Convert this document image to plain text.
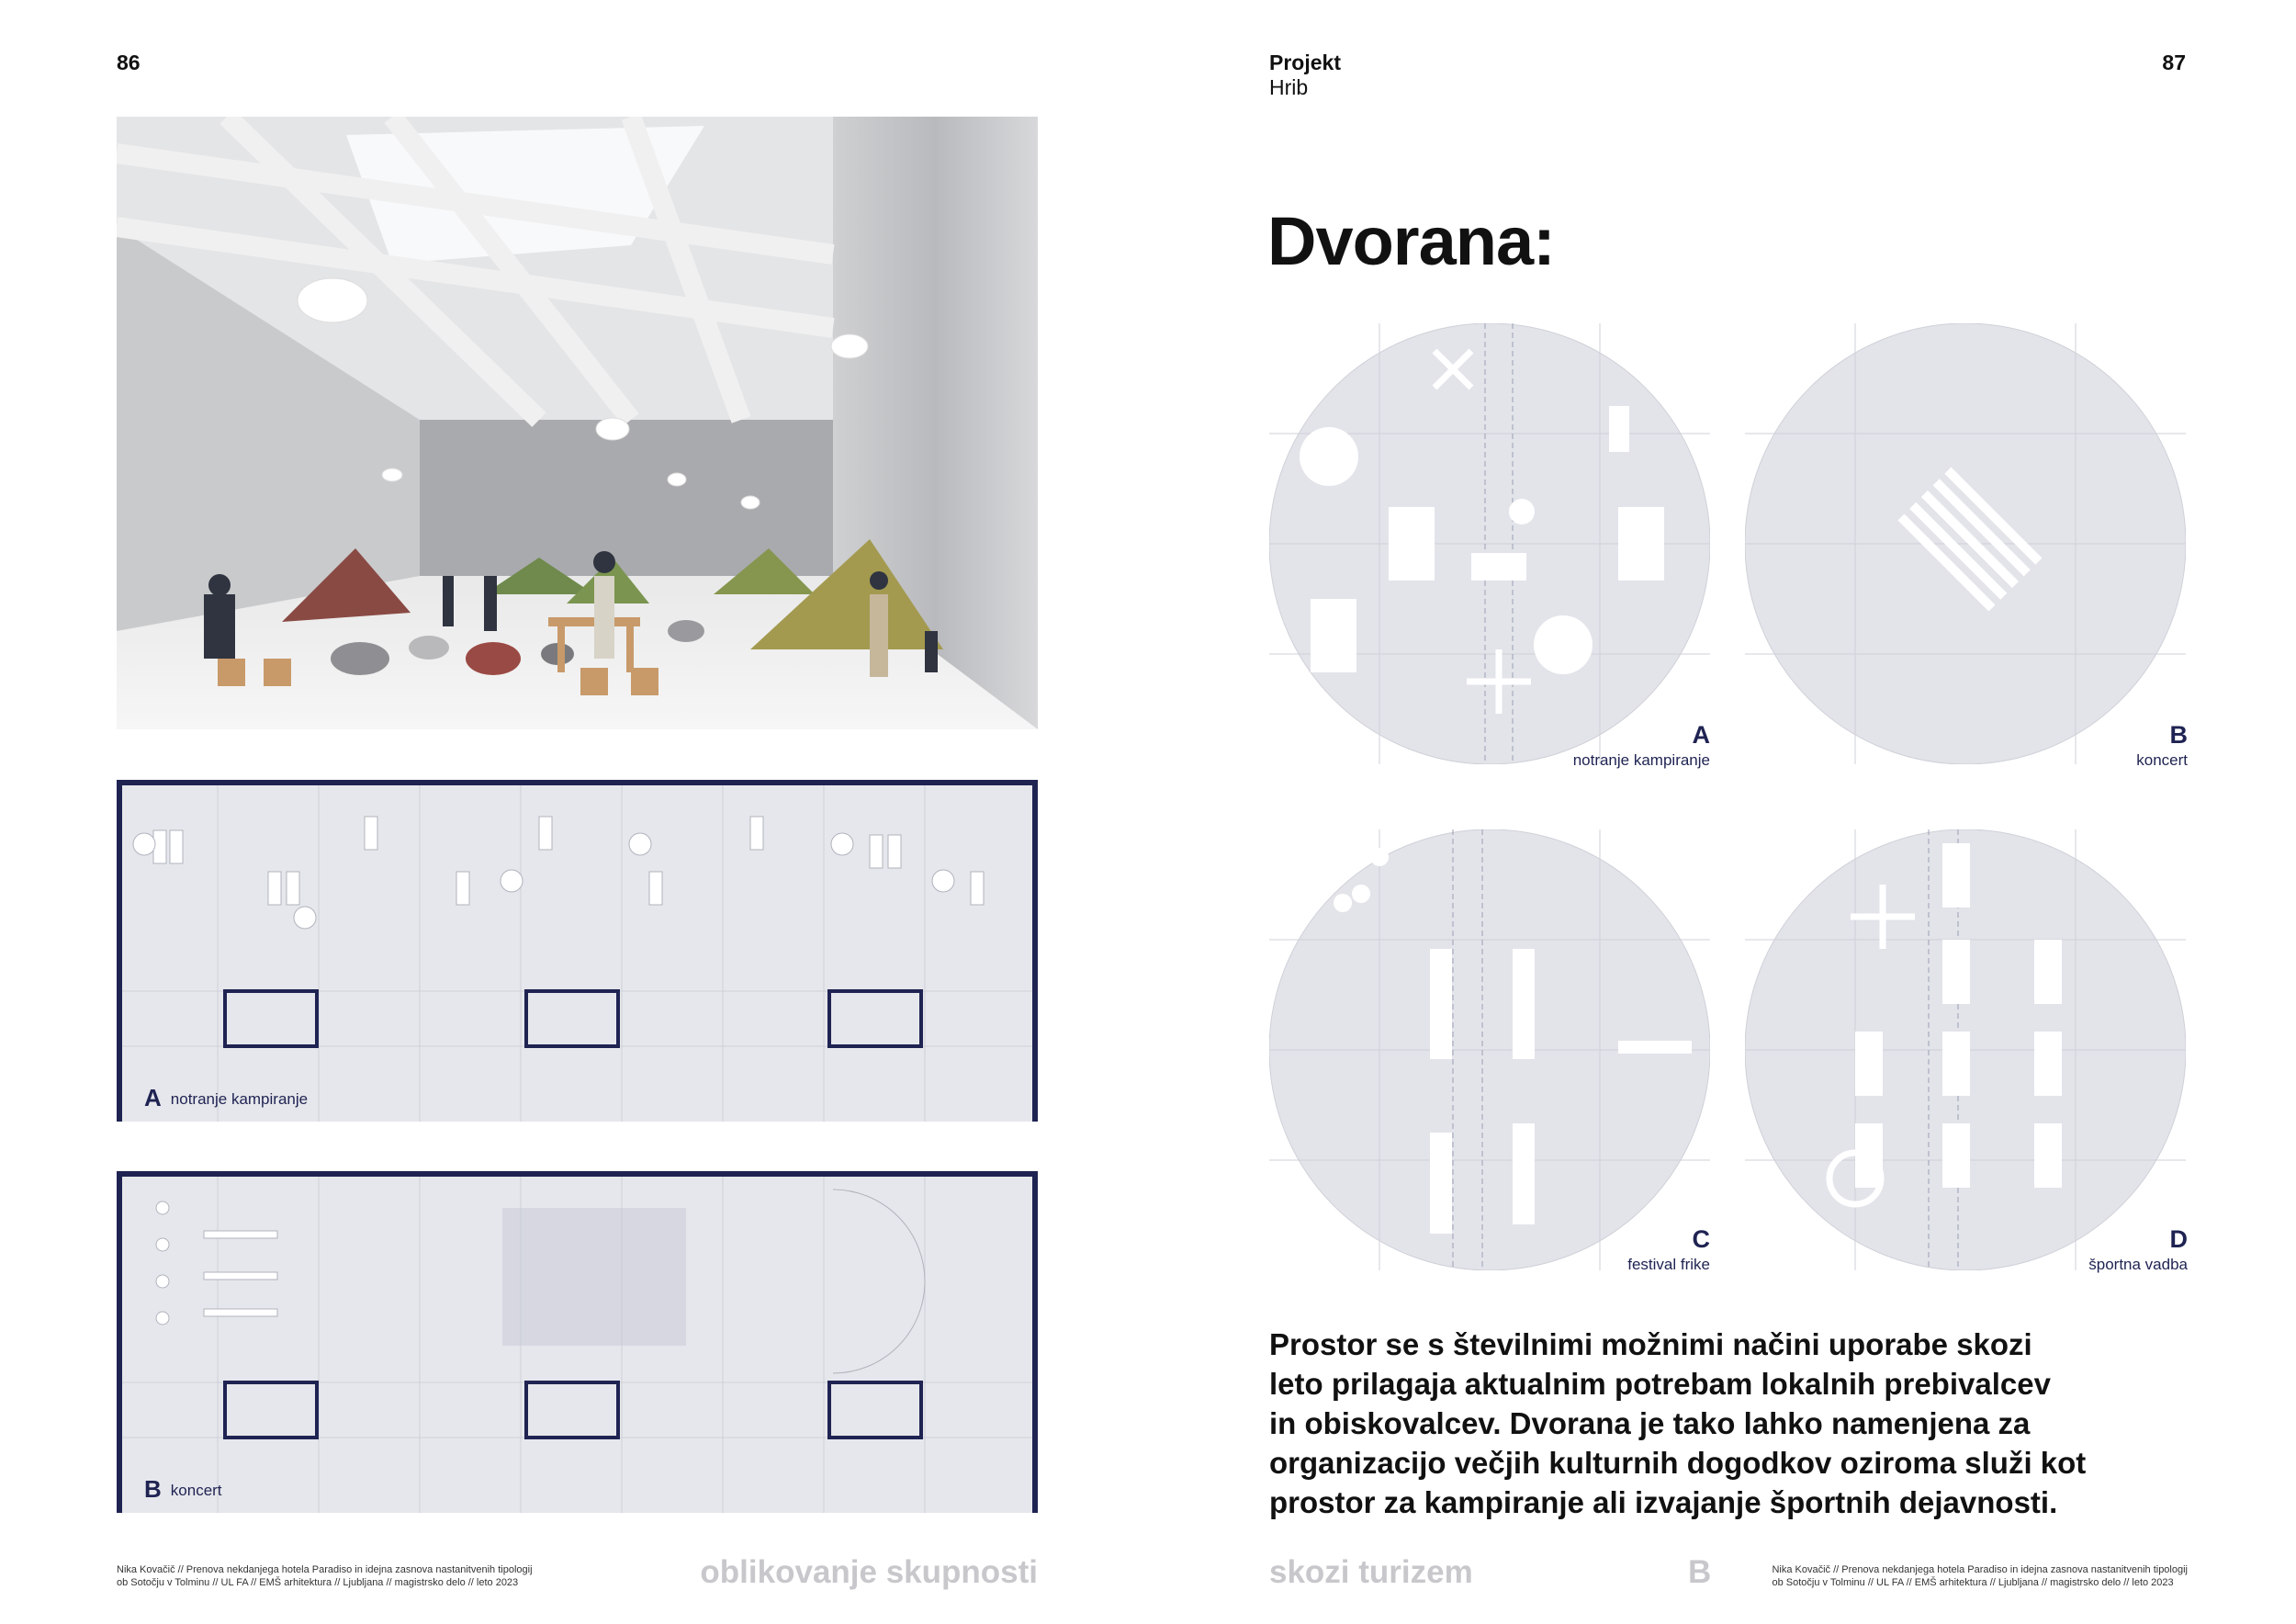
86
Anotranje kampiranje
Bkoncert
Nika Kovačič // Prenova nekdanjega hotela Paradiso in idejna zasnova nastanitvenih tipologij
ob Sotočju v Tolminu // UL FA // EMŠ arhitektura // Ljubljana // magistrsko delo // leto 2023	oblikovanje skupnosti
Projekt
Hrib
87
Dvorana:
A
notranje kampiranje
B
koncert
C
festival frike
D
športna vadba
Prostor se s številnimi možnimi načini uporabe skozi
leto prilagaja aktualnim potrebam lokalnih prebivalcev
in obiskovalcev. Dvorana je tako lahko namenjena za
organizacijo večjih kulturnih dogodkov oziroma služi kot
prostor za kampiranje ali izvajanje športnih dejavnosti.
skozi turizem	B	Nika Kovačič // Prenova nekdanjega hotela Paradiso in idejna zasnova nastanitvenih tipologij
ob Sotočju v Tolminu // UL FA // EMŠ arhitektura // Ljubljana // magistrsko delo // leto 2023
